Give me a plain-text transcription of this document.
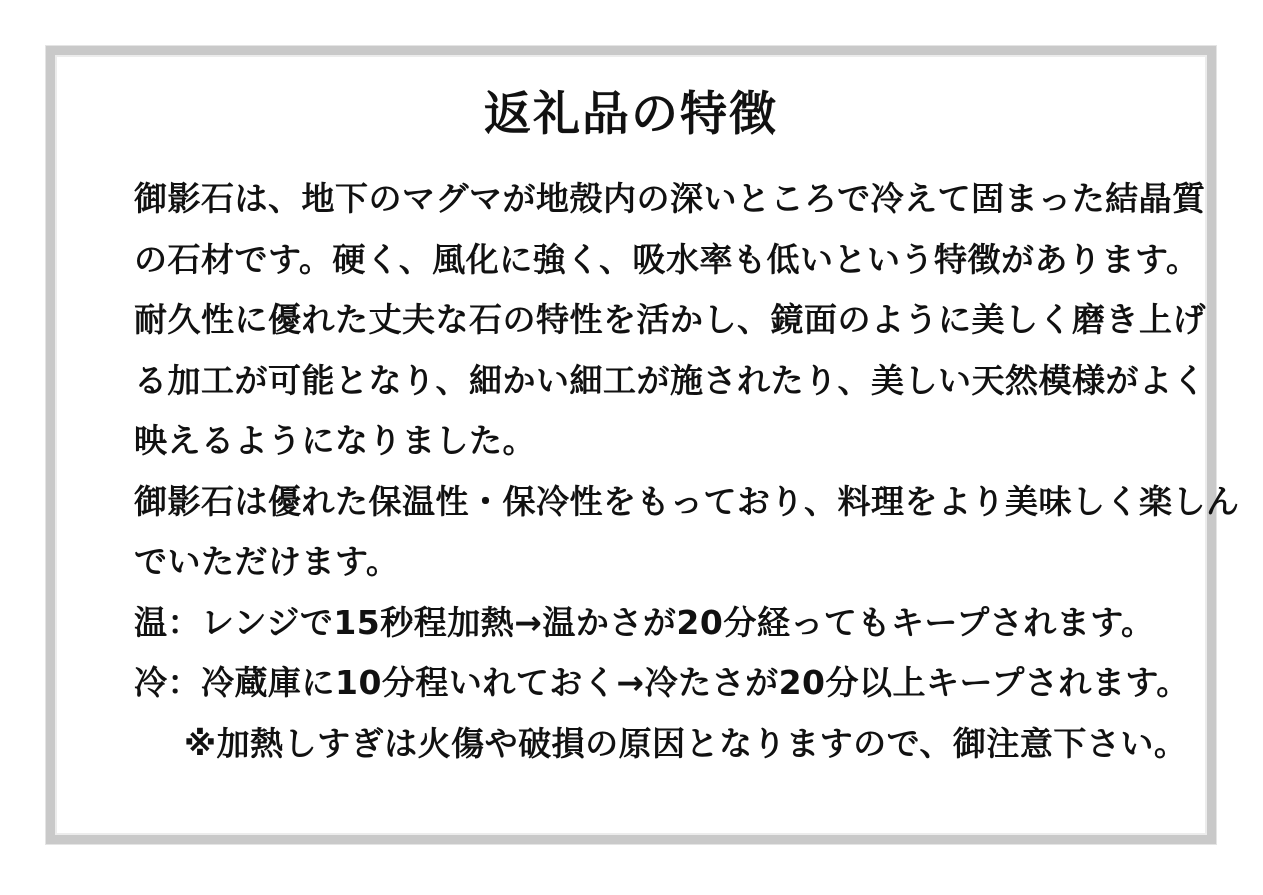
返礼品の特徴
御影石は、地下のマグマが地殻内の深いところで冷えて固まった結晶質
の石材です。硬く、風化に強く、吸水率も低いという特徴があります。
耐久性に優れた丈夫な石の特性を活かし、鏡面のように美しく磨き上げ
る加工が可能となり、細かい細工が施されたり、美しい天然模様がよく
映えるようになりました。
御影石は優れた保温性・保冷性をもっており、料理をより美味しく楽しん
でいただけます。
温：レンジで15秒程加熱→温かさが20分経ってもキープされます。
冷：冷蔵庫に10分程いれておく→冷たさが20分以上キープされます。
※加熱しすぎは火傷や破損の原因となりますので、御注意下さい。
